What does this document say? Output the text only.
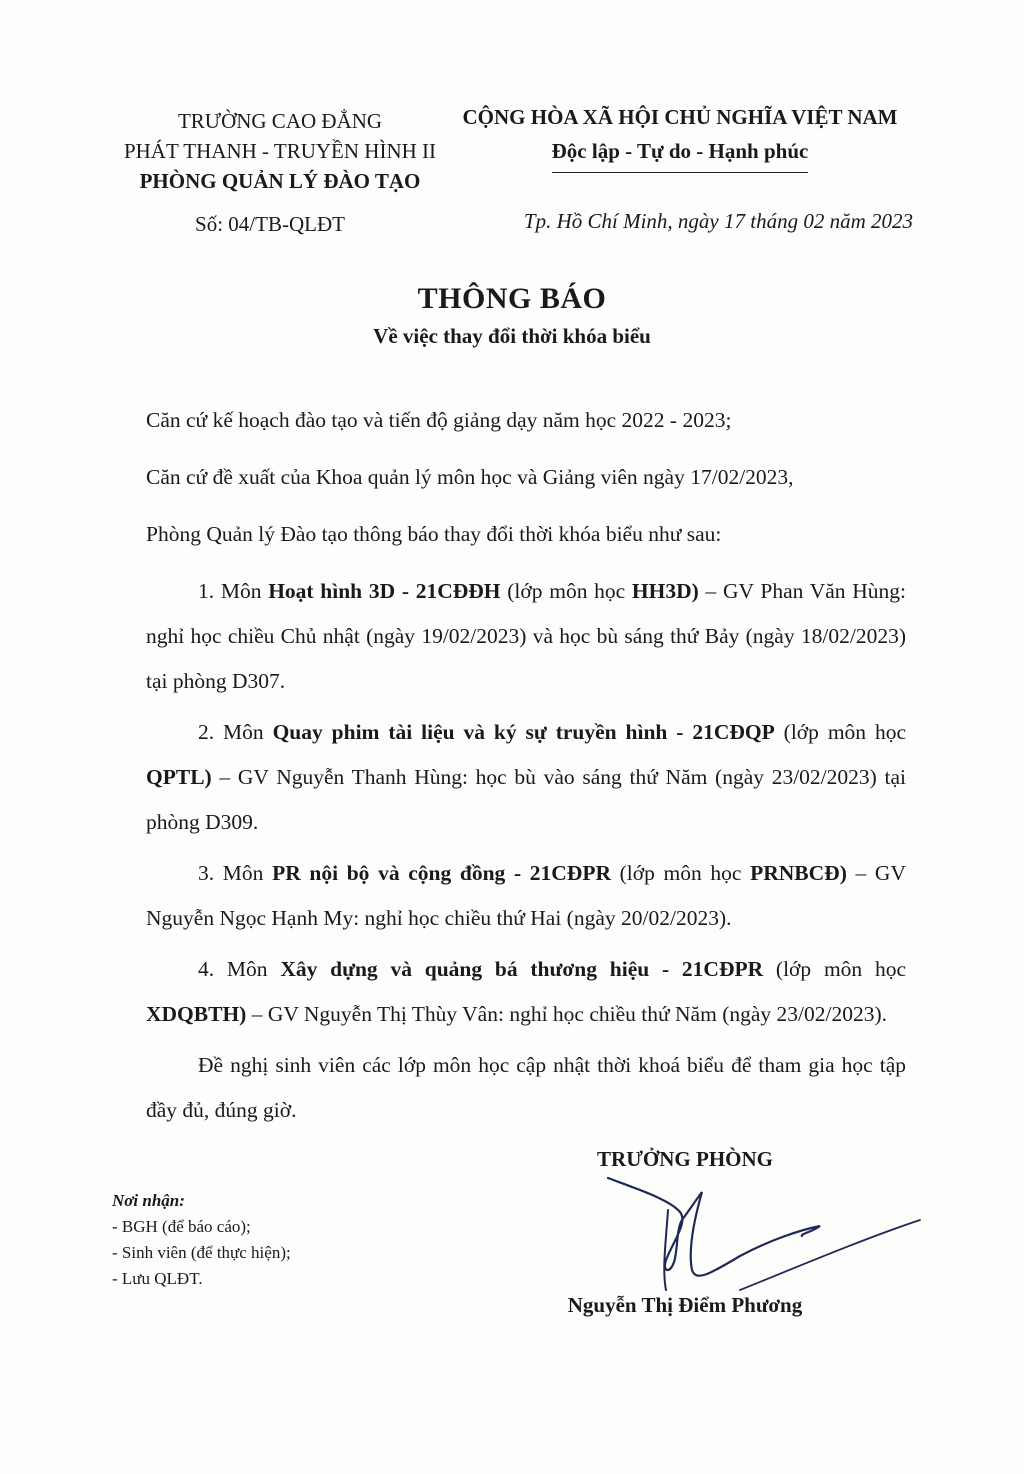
TRƯỜNG CAO ĐẲNG
PHÁT THANH - TRUYỀN HÌNH II
PHÒNG QUẢN LÝ ĐÀO TẠO
CỘNG HÒA XÃ HỘI CHỦ NGHĨA VIỆT NAM
Độc lập - Tự do - Hạnh phúc
Số: 04/TB-QLĐT	Tp. Hồ Chí Minh, ngày 17 tháng 02 năm 2023
THÔNG BÁO
Về việc thay đổi thời khóa biểu

Căn cứ kế hoạch đào tạo và tiến độ giảng dạy năm học 2022 - 2023;

Căn cứ đề xuất của Khoa quản lý môn học và Giảng viên ngày 17/02/2023,

Phòng Quản lý Đào tạo thông báo thay đổi thời khóa biểu như sau:

1. Môn Hoạt hình 3D - 21CĐĐH (lớp môn học HH3D) – GV Phan Văn Hùng: nghỉ học chiều Chủ nhật (ngày 19/02/2023) và học bù sáng thứ Bảy (ngày 18/02/2023) tại phòng D307.

2. Môn Quay phim tài liệu và ký sự truyền hình - 21CĐQP (lớp môn học QPTL) – GV Nguyễn Thanh Hùng: học bù vào sáng thứ Năm (ngày 23/02/2023) tại phòng D309.

3. Môn PR nội bộ và cộng đồng - 21CĐPR (lớp môn học PRNBCĐ) – GV Nguyễn Ngọc Hạnh My: nghỉ học chiều thứ Hai (ngày 20/02/2023).

4. Môn Xây dựng và quảng bá thương hiệu - 21CĐPR (lớp môn học XDQBTH) – GV Nguyễn Thị Thùy Vân: nghỉ học chiều thứ Năm (ngày 23/02/2023).

Đề nghị sinh viên các lớp môn học cập nhật thời khoá biểu để tham gia học tập đầy đủ, đúng giờ.

TRƯỞNG PHÒNG
Nguyễn Thị Điểm Phương
Nơi nhận:
- BGH (để báo cáo);
- Sinh viên (để thực hiện);
- Lưu QLĐT.
